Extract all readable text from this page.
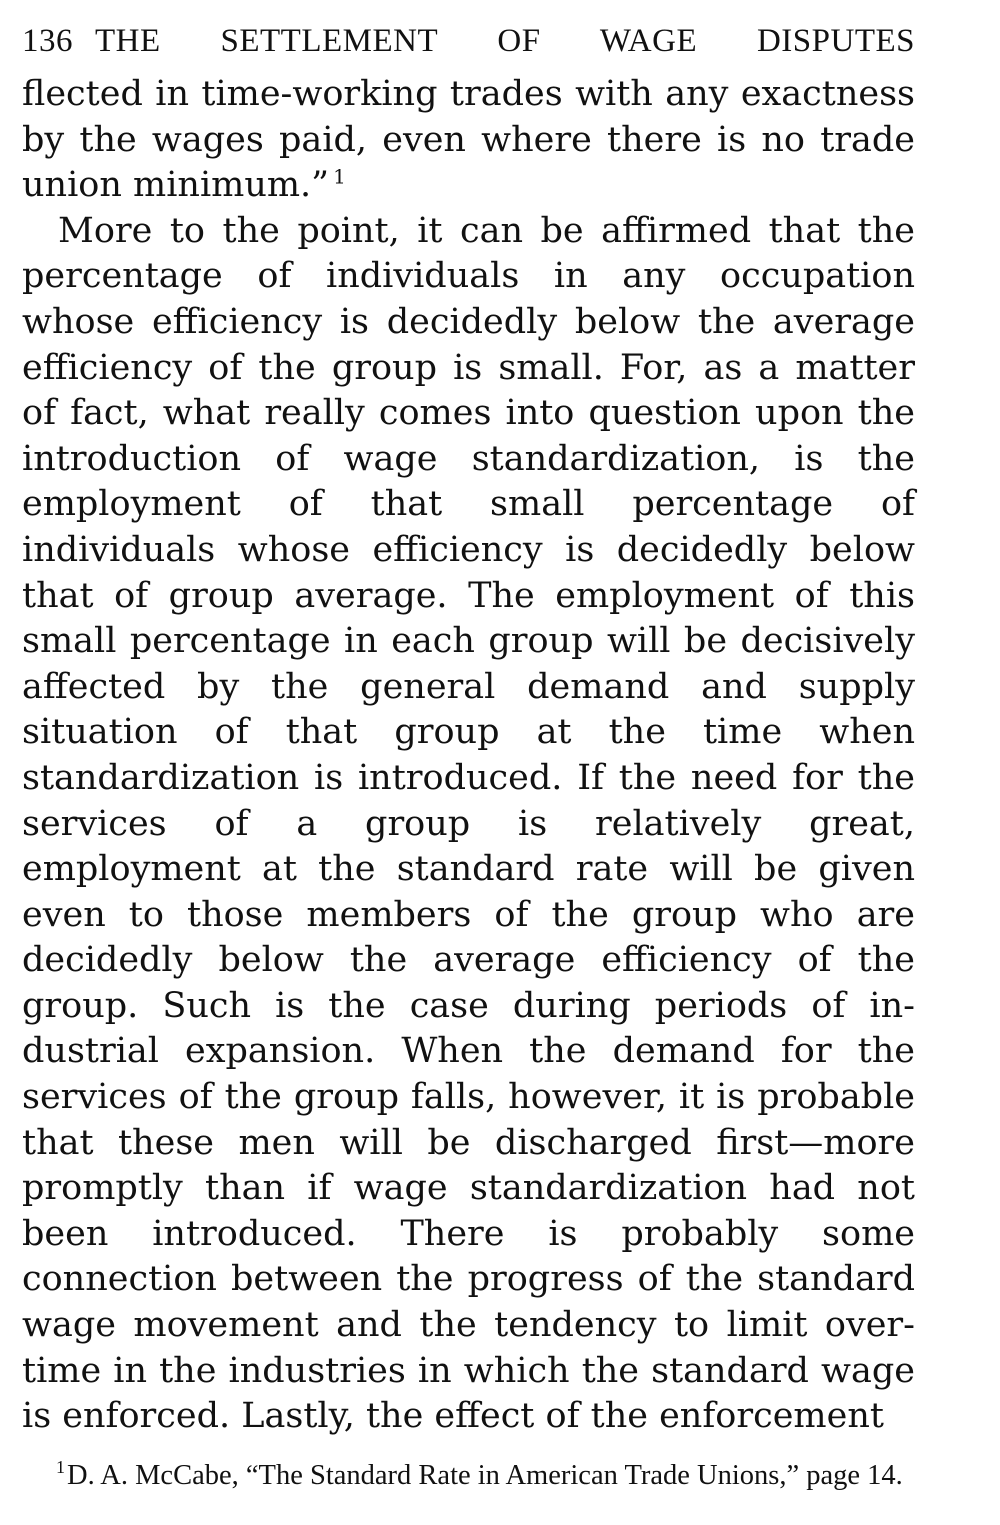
136 THE SETTLEMENT OF WAGE DISPUTES

flected in time-working trades with any exactness by the wages paid, even where there is no trade union minimum.”  $^1$

More to the point, it can be affirmed that the percentage of individuals in any occupation whose efficiency is decidedly below the average efficiency of the group is small. For, as a matter of fact, what really comes into question upon the introduction of wage standardization, is the employment of that small percentage of individuals whose efficiency is decidedly below that of group average. The employment of this small percentage in each group will be decisively affected by the general demand and supply situation of that group at the time when standardization is introduced. If the need for the services of a group is relatively great, employment at the standard rate will be given even to those members of the group who are decidedly below the average efficiency of the group. Such is the case during periods of industrial expansion. When the demand for the services of the group falls, however, it is probable that these men will be discharged first—more promptly than if wage standardization had not been introduced. There is probably some connection between the progress of the standard wage movement and the tendency to limit overtime in the industries in which the standard wage is enforced. Lastly, the effect of the enforcement

$^1$D. A. McCabe, “The Standard Rate in American Trade Unions,” page 14.
